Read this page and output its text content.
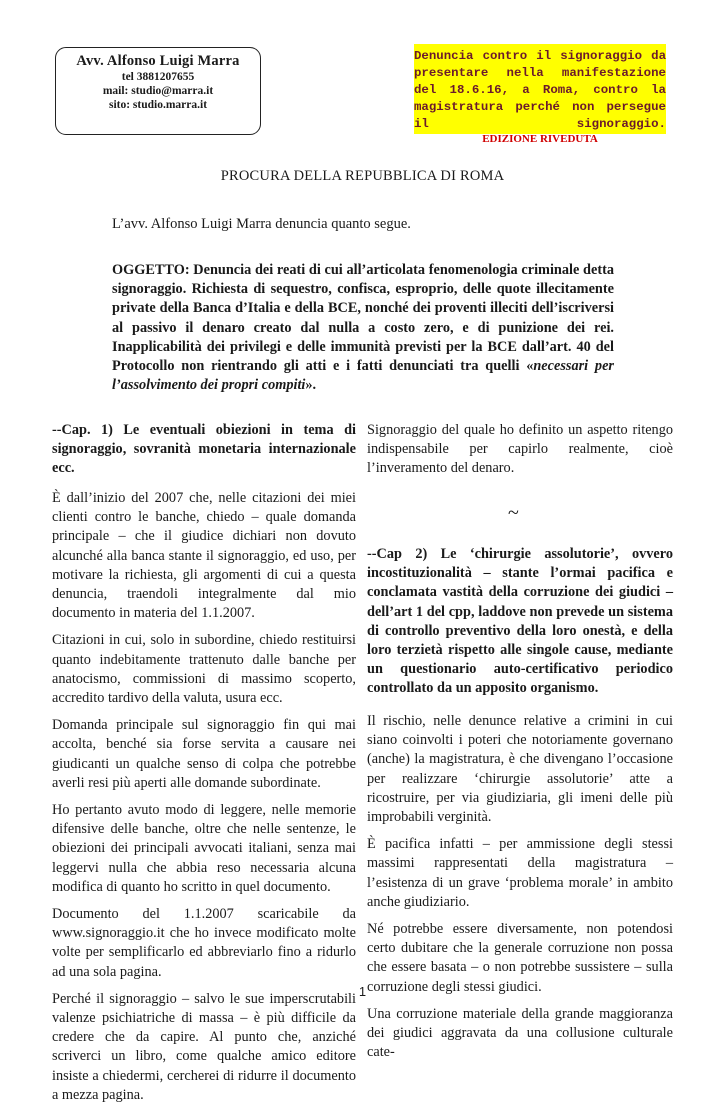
Avv. Alfonso Luigi Marra
tel 3881207655
mail: studio@marra.it
sito: studio.marra.it
Denuncia contro il signoraggio da presentare nella manifestazione del 18.6.16, a Roma, contro la magistratura perché non persegue il signoraggio.
EDIZIONE RIVEDUTA
PROCURA DELLA REPUBBLICA DI ROMA
L’avv. Alfonso Luigi Marra denuncia quanto segue.
OGGETTO: Denuncia dei reati di cui all’articolata fenomenologia criminale detta signoraggio. Richiesta di sequestro, confisca, esproprio, delle quote illecitamente private della Banca d’Italia e della BCE, nonché dei proventi illeciti dell’iscriversi al passivo il denaro creato dal nulla a costo zero, e di punizione dei rei. Inapplicabilità dei privilegi e delle immunità previsti per la BCE dall’art. 40 del Protocollo non rientrando gli atti e i fatti denunciati tra quelli «necessari per l’assolvimento dei propri compiti».
--Cap. 1) Le eventuali obiezioni in tema di signoraggio, sovranità monetaria internazionale ecc.

È dall’inizio del 2007 che, nelle citazioni dei miei clienti contro le banche, chiedo – quale domanda principale – che il giudice dichiari non dovuto alcunché alla banca stante il signoraggio, ed uso, per motivare la richiesta, gli argomenti di cui a questa denuncia, traendoli integralmente dal mio documento in materia del 1.1.2007.

Citazioni in cui, solo in subordine, chiedo restituirsi quanto indebitamente trattenuto dalle banche per anatocismo, commissioni di massimo scoperto, accredito tardivo della valuta, usura ecc.

Domanda principale sul signoraggio fin qui mai accolta, benché sia forse servita a causare nei giudicanti un qualche senso di colpa che potrebbe averli resi più aperti alle domande subordinate.

Ho pertanto avuto modo di leggere, nelle memorie difensive delle banche, oltre che nelle sentenze, le obiezioni dei principali avvocati italiani, senza mai leggervi nulla che abbia reso necessaria alcuna modifica di quanto ho scritto in quel documento.

Documento del 1.1.2007 scaricabile da www.signoraggio.it che ho invece modificato molte volte per semplificarlo ed abbreviarlo fino a ridurlo ad una sola pagina.

Perché il signoraggio – salvo le sue imperscrutabili valenze psichiatriche di massa – è più difficile da credere che da capire. Al punto che, anziché scriverci un libro, come qualche amico editore insiste a chiedermi, cercherei di ridurre il documento a mezza pagina.

Signoraggio del quale ho definito un aspetto ritengo indispensabile per capirlo realmente, cioè l’inveramento del denaro.
~
--Cap 2) Le ‘chirurgie assolutorie’, ovvero incostituzionalità – stante l’ormai pacifica e conclamata vastità della corruzione dei giudici – dell’art 1 del cpp, laddove non prevede un sistema di controllo preventivo della loro onestà, e della loro terzietà rispetto alle singole cause, mediante un questionario auto-certificativo periodico controllato da un apposito organismo.

Il rischio, nelle denunce relative a crimini in cui siano coinvolti i poteri che notoriamente governano (anche) la magistratura, è che divengano l’occasione per realizzare ‘chirurgie assolutorie’ atte a ricostruire, per via giudiziaria, gli imeni delle più improbabili verginità.

È pacifica infatti – per ammissione degli stessi massimi rappresentati della magistratura – l’esistenza di un grave ‘problema morale’ in ambito anche giudiziario.

Né potrebbe essere diversamente, non potendosi certo dubitare che la generale corruzione non possa che essere basata – o non potrebbe sussistere – sulla corruzione degli stessi giudici.

Una corruzione materiale della grande maggioranza dei giudici aggravata da una collusione culturale cate-

1
